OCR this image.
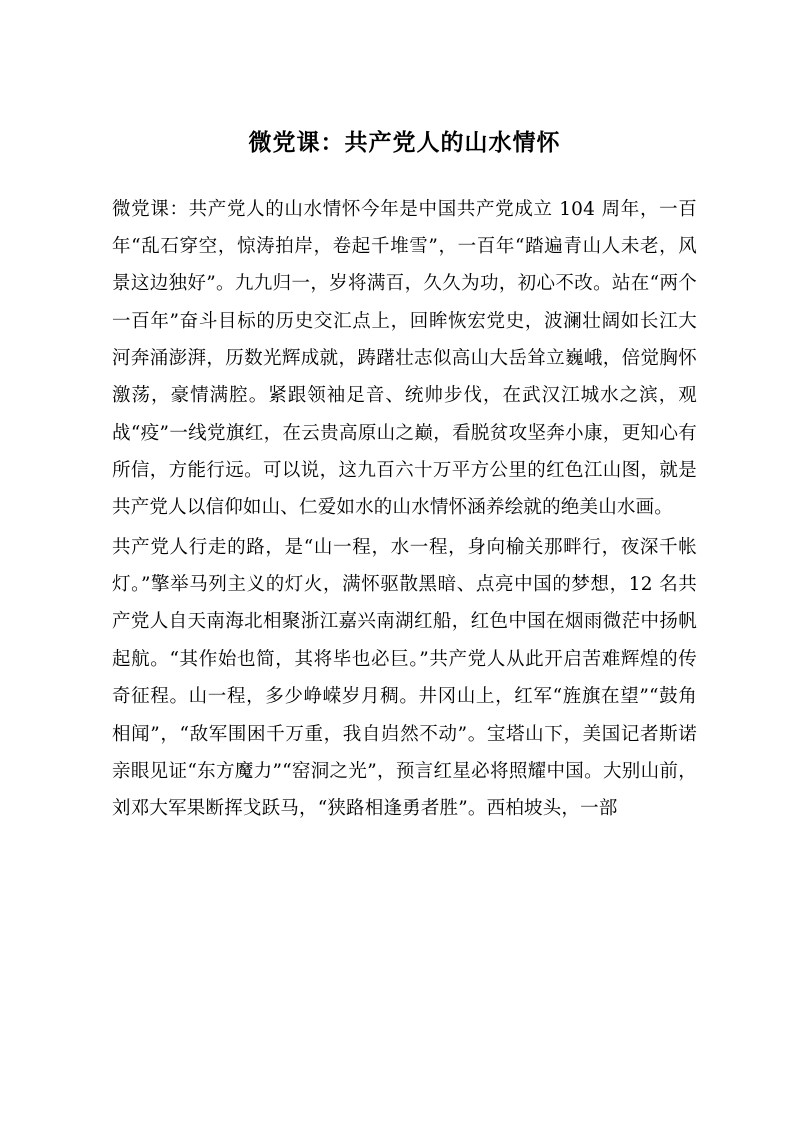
微党课：共产党人的山水情怀

微党课：共产党人的山水情怀今年是中国共产党成立 104 周年，一百年“乱石穿空，惊涛拍岸，卷起千堆雪”，一百年“踏遍青山人未老，风景这边独好”。九九归一，岁将满百，久久为功，初心不改。站在“两个一百年”奋斗目标的历史交汇点上，回眸恢宏党史，波澜壮阔如长江大河奔涌澎湃，历数光辉成就，踌躇壮志似高山大岳耸立巍峨，倍觉胸怀激荡，豪情满腔。紧跟领袖足音、统帅步伐，在武汉江城水之滨，观战“疫”一线党旗红，在云贵高原山之巅，看脱贫攻坚奔小康，更知心有所信，方能行远。可以说，这九百六十万平方公里的红色江山图，就是共产党人以信仰如山、仁爱如水的山水情怀涵养绘就的绝美山水画。

共产党人行走的路，是“山一程，水一程，身向榆关那畔行，夜深千帐灯。”擎举马列主义的灯火，满怀驱散黑暗、点亮中国的梦想，12 名共产党人自天南海北相聚浙江嘉兴南湖红船，红色中国在烟雨微茫中扬帆起航。“其作始也简，其将毕也必巨。”共产党人从此开启苦难辉煌的传奇征程。山一程，多少峥嵘岁月稠。井冈山上，红军“旌旗在望”“鼓角相闻”，“敌军围困千万重，我自岿然不动”。宝塔山下，美国记者斯诺亲眼见证“东方魔力”“窑洞之光”，预言红星必将照耀中国。大别山前，刘邓大军果断挥戈跃马，“狭路相逢勇者胜”。西柏坡头，一部
